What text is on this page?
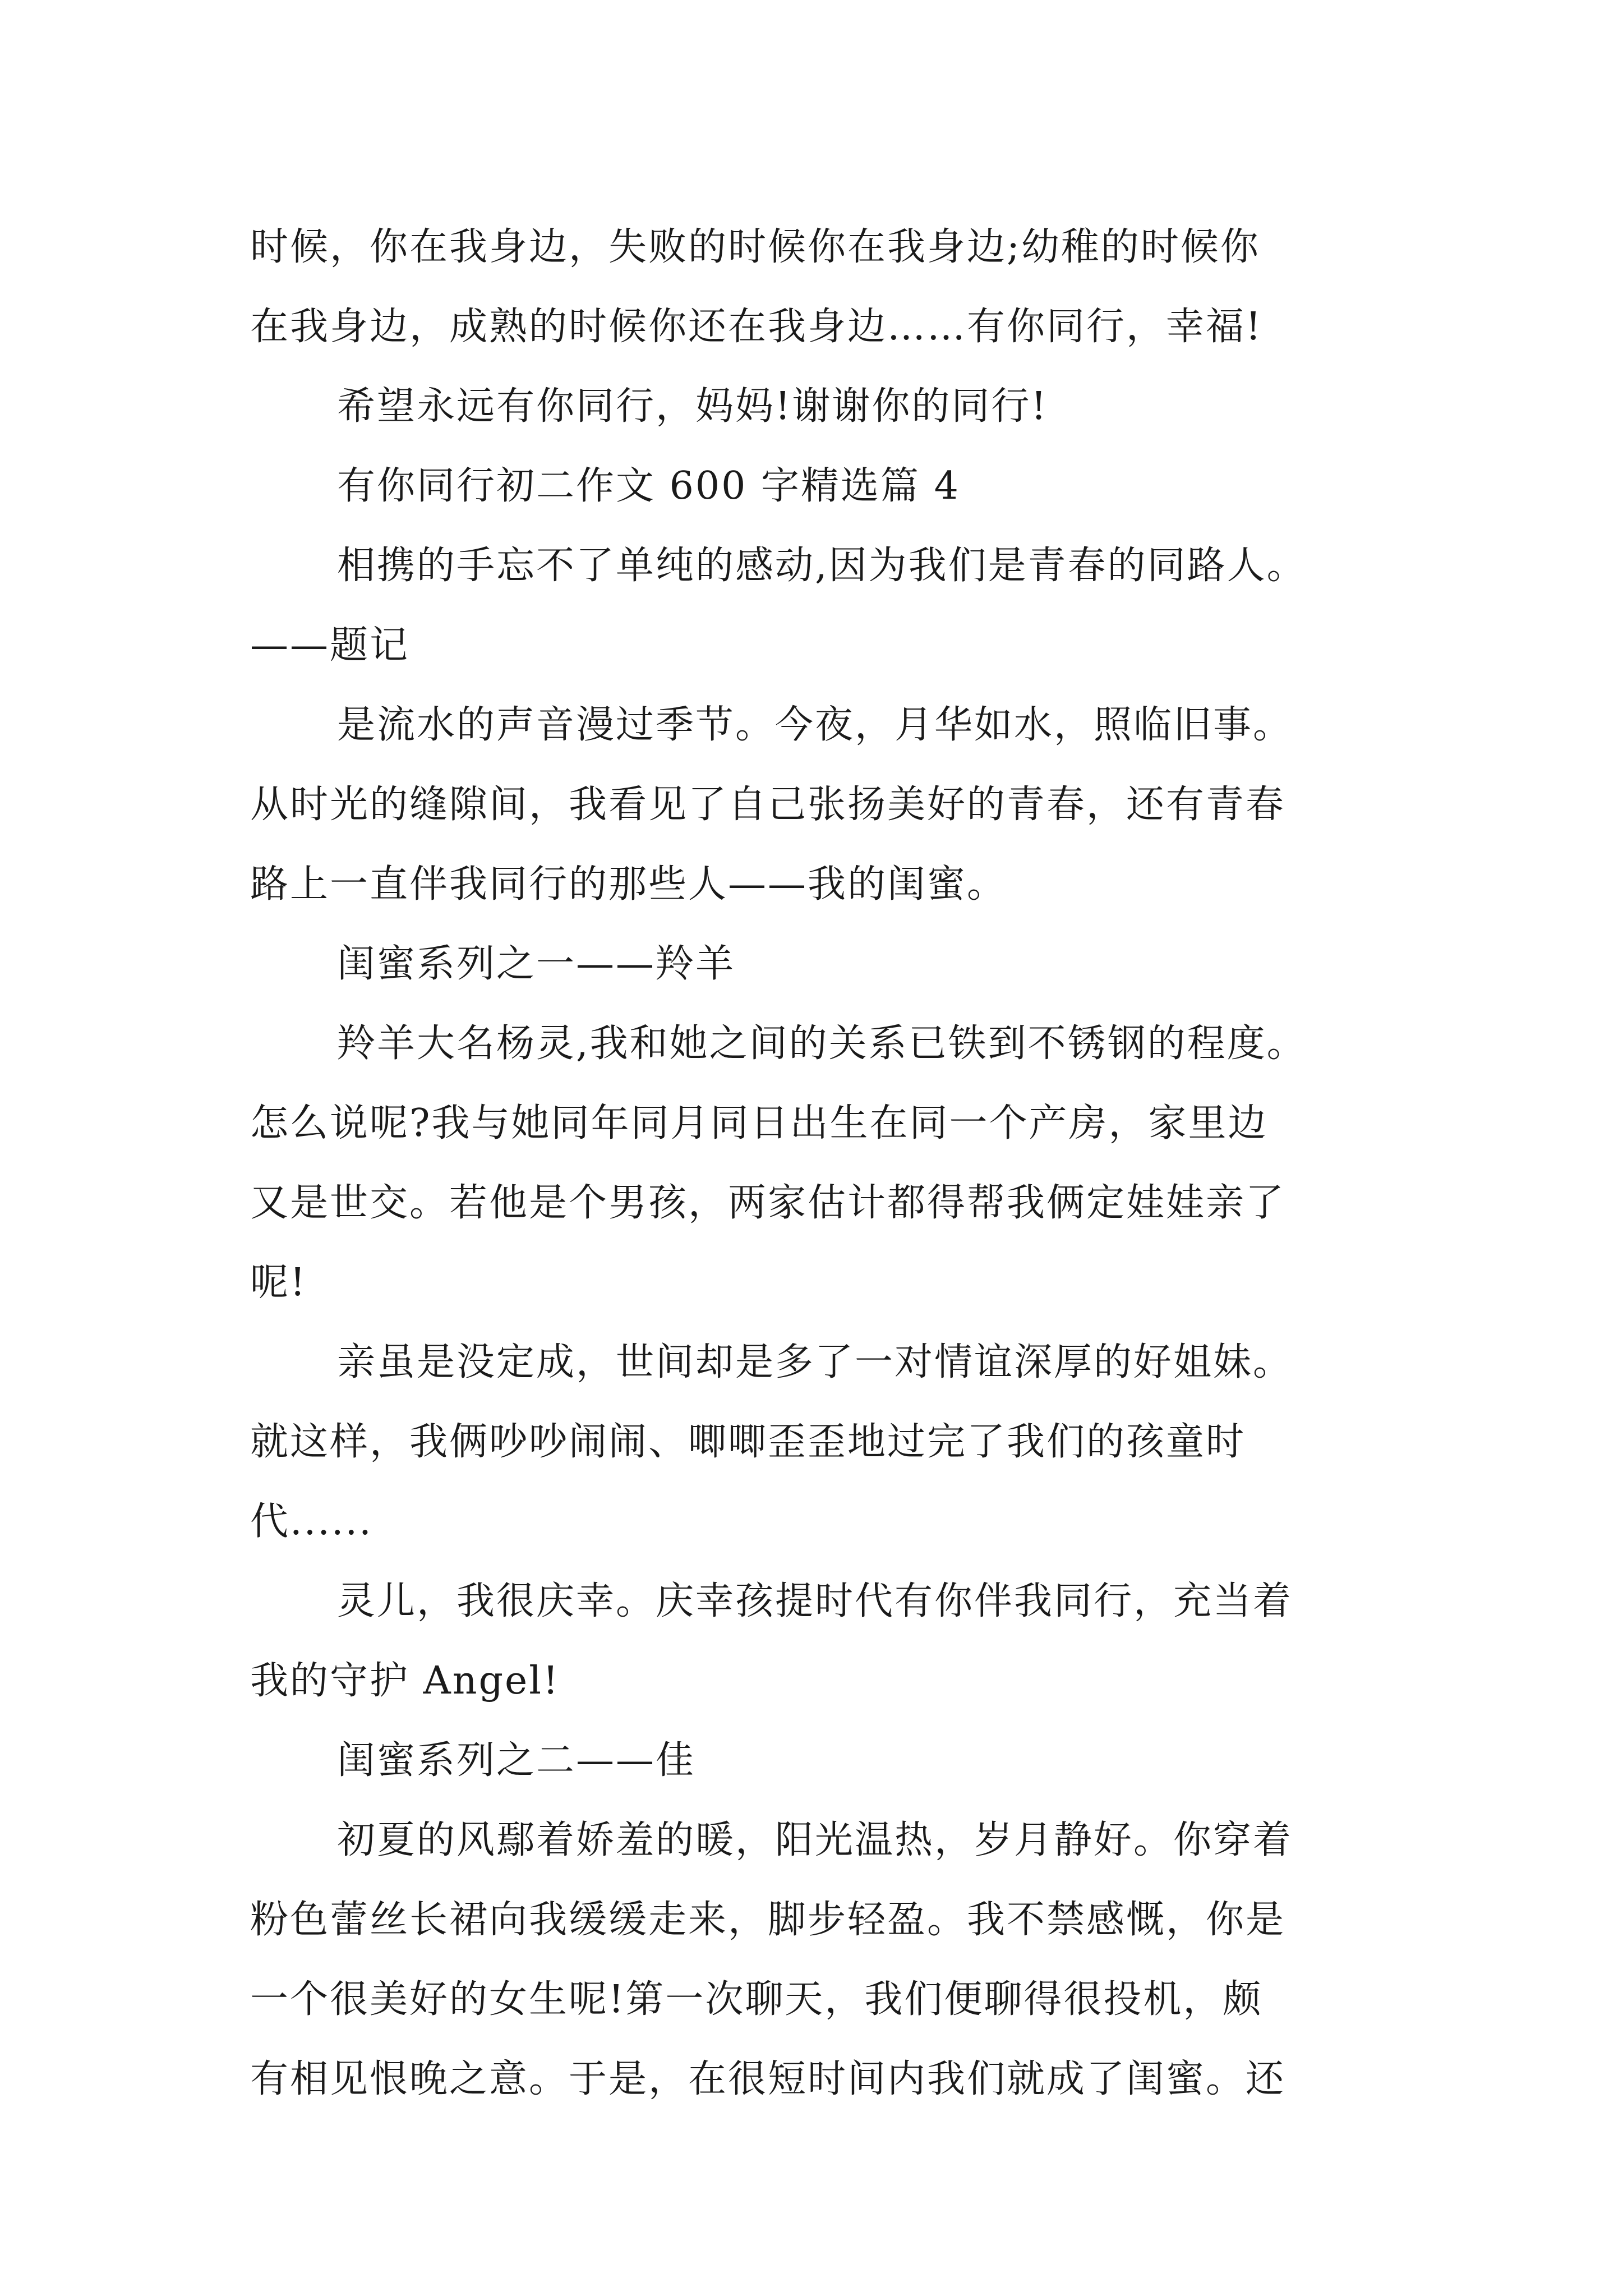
时候，你在我身边，失败的时候你在我身边;幼稚的时候你
在我身边，成熟的时候你还在我身边……有你同行，幸福!
希望永远有你同行，妈妈!谢谢你的同行!
有你同行初二作文 600 字精选篇 4
相携的手忘不了单纯的感动,因为我们是青春的同路人。
——题记
是流水的声音漫过季节。今夜，月华如水，照临旧事。
从时光的缝隙间，我看见了自己张扬美好的青春，还有青春
路上一直伴我同行的那些人——我的闺蜜。
闺蜜系列之一——羚羊
羚羊大名杨灵,我和她之间的关系已铁到不锈钢的程度。
怎么说呢?我与她同年同月同日出生在同一个产房，家里边
又是世交。若他是个男孩，两家估计都得帮我俩定娃娃亲了
呢!
亲虽是没定成，世间却是多了一对情谊深厚的好姐妹。
就这样，我俩吵吵闹闹、唧唧歪歪地过完了我们的孩童时
代......
灵儿，我很庆幸。庆幸孩提时代有你伴我同行，充当着
我的守护 Angel!
闺蜜系列之二——佳
初夏的风鄢着娇羞的暖，阳光温热，岁月静好。你穿着
粉色蕾丝长裙向我缓缓走来，脚步轻盈。我不禁感慨，你是
一个很美好的女生呢!第一次聊天，我们便聊得很投机，颇
有相见恨晚之意。于是，在很短时间内我们就成了闺蜜。还
